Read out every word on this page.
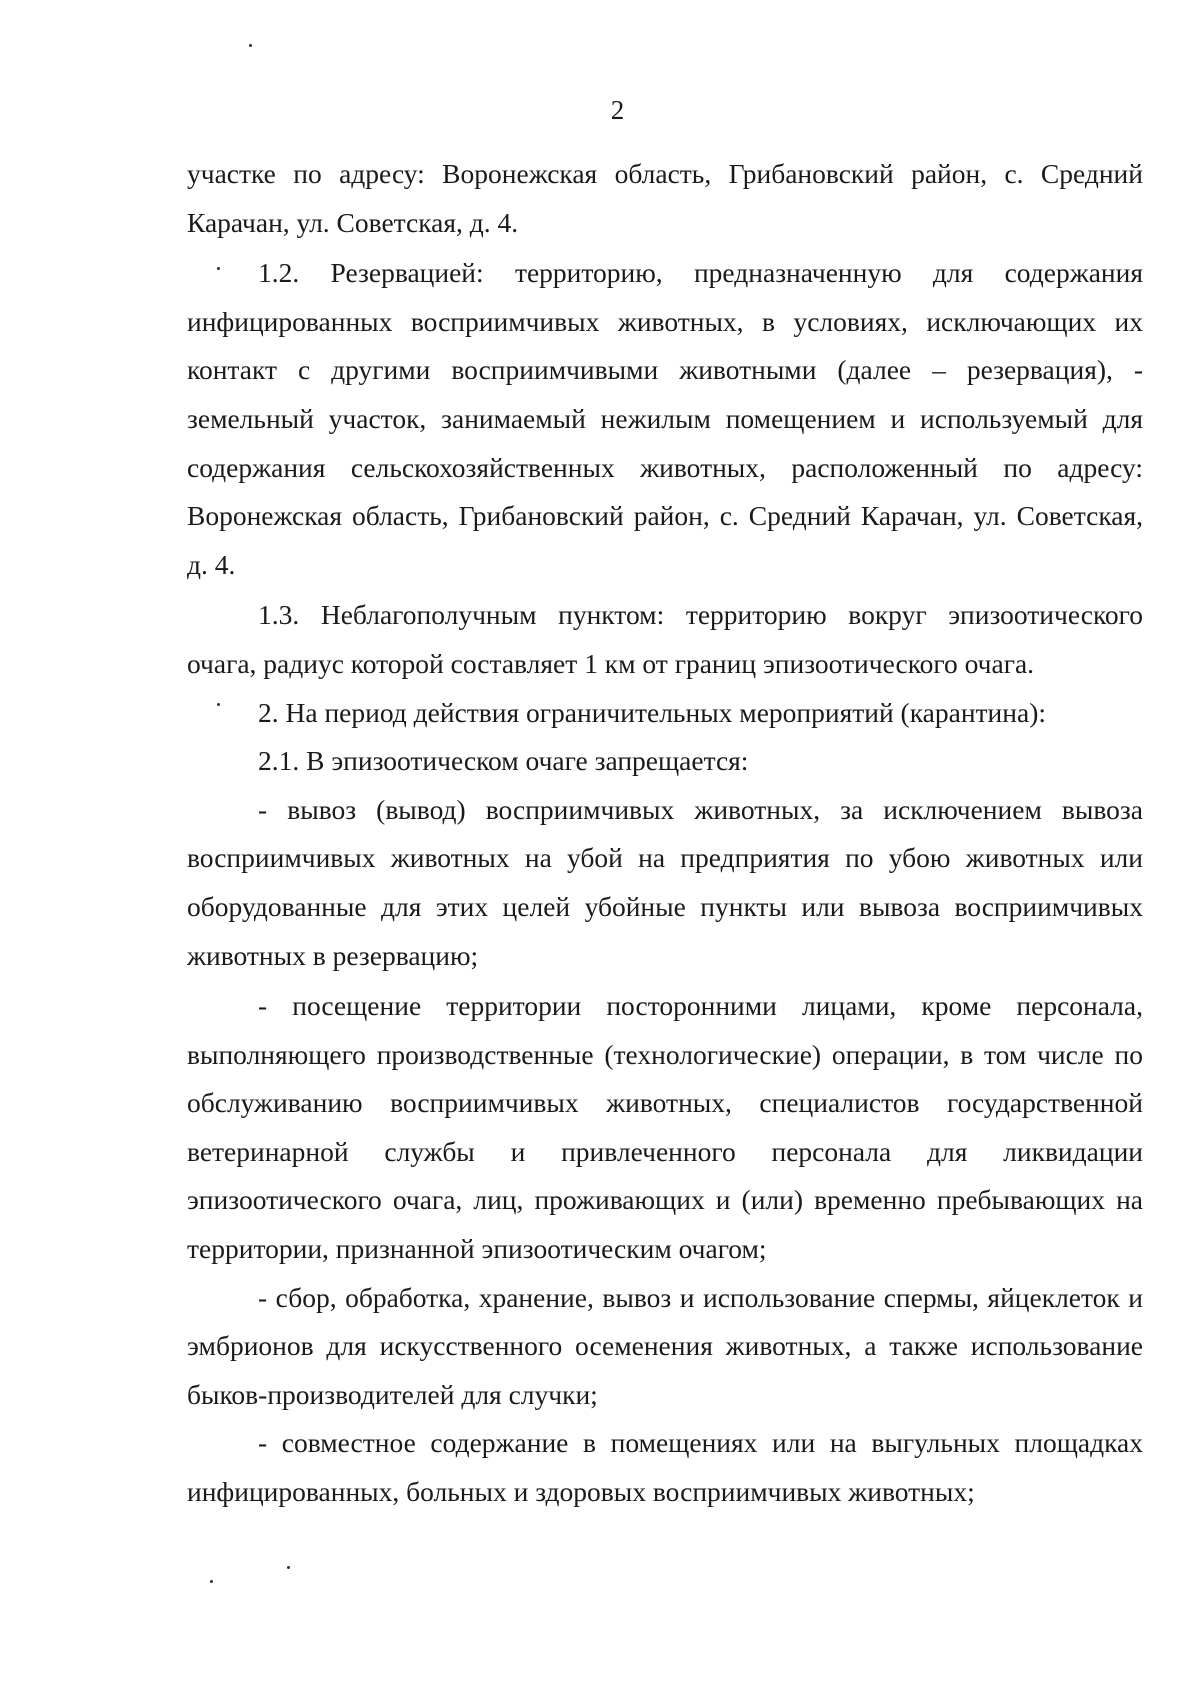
2

участке по адресу: Воронежская область, Грибановский район, с. Средний Карачан, ул. Советская, д. 4.

1.2. Резервацией: территорию, предназначенную для содержания инфицированных восприимчивых животных, в условиях, исключающих их контакт с другими восприимчивыми животными (далее – резервация), - земельный участок, занимаемый нежилым помещением и используемый для содержания сельскохозяйственных животных, расположенный по адресу: Воронежская область, Грибановский район, с. Средний Карачан, ул. Советская, д. 4.

1.3. Неблагополучным пунктом: территорию вокруг эпизоотического очага, радиус которой составляет 1 км от границ эпизоотического очага.

2. На период действия ограничительных мероприятий (карантина):

2.1. В эпизоотическом очаге запрещается:

- вывоз (вывод) восприимчивых животных, за исключением вывоза восприимчивых животных на убой на предприятия по убою животных или оборудованные для этих целей убойные пункты или вывоза восприимчивых животных в резервацию;

- посещение территории посторонними лицами, кроме персонала, выполняющего производственные (технологические) операции, в том числе по обслуживанию восприимчивых животных, специалистов государственной ветеринарной службы и привлеченного персонала для ликвидации эпизоотического очага, лиц, проживающих и (или) временно пребывающих на территории, признанной эпизоотическим очагом;

- сбор, обработка, хранение, вывоз и использование спермы, яйцеклеток и эмбрионов для искусственного осеменения животных, а также использование быков-производителей для случки;

- совместное содержание в помещениях или на выгульных площадках инфицированных, больных и здоровых восприимчивых животных;
